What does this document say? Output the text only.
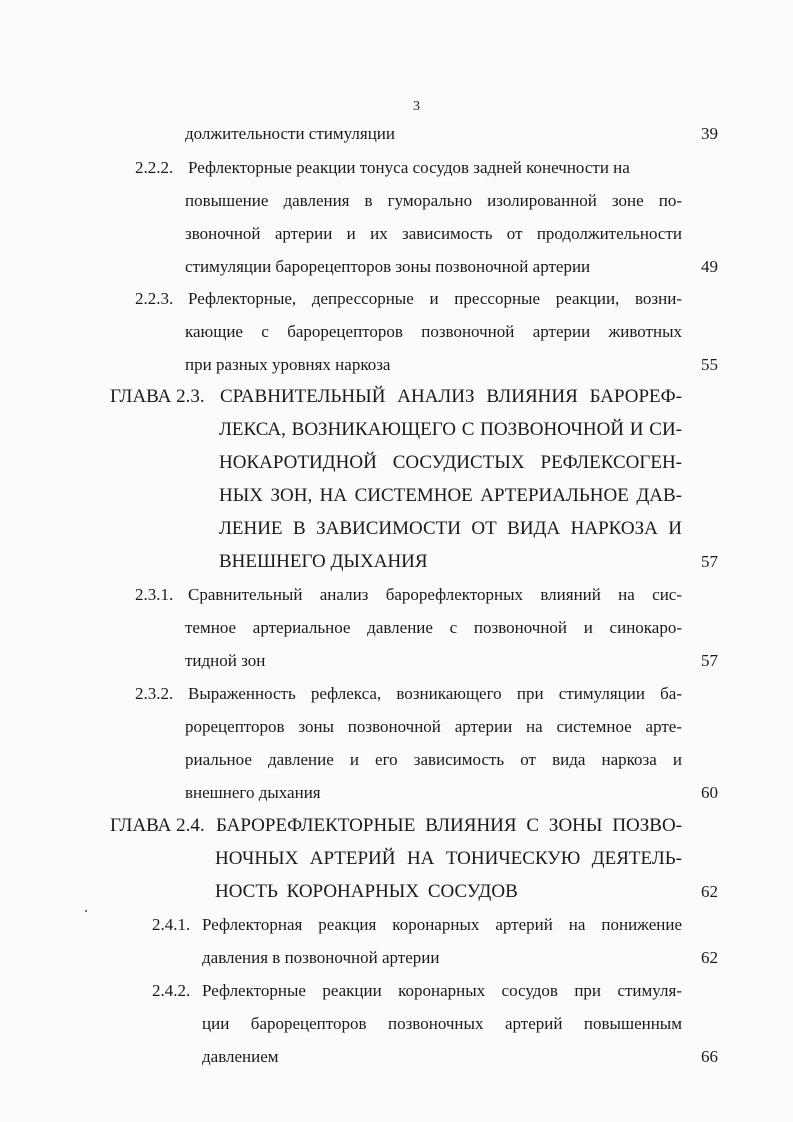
3
должительности стимуляции	39
2.2.2. Рефлекторные реакции тонуса сосудов задней конечности на
повышение давления в гуморально изолированной зоне по-
звоночной артерии и их зависимость от продолжительности
стимуляции барорецепторов зоны позвоночной артерии	49
2.2.3. Рефлекторные, депрессорные и прессорные реакции, возни-
кающие с барорецепторов позвоночной артерии животных
при разных уровнях наркоза	55
ГЛАВА 2.3. СРАВНИТЕЛЬНЫЙ АНАЛИЗ ВЛИЯНИЯ БАРОРЕФ-
ЛЕКСА, ВОЗНИКАЮЩЕГО С ПОЗВОНОЧНОЙ И СИ-
НОКАРОТИДНОЙ СОСУДИСТЫХ РЕФЛЕКСОГЕН-
НЫХ ЗОН, НА СИСТЕМНОЕ АРТЕРИАЛЬНОЕ ДАВ-
ЛЕНИЕ В ЗАВИСИМОСТИ ОТ ВИДА НАРКОЗА И
ВНЕШНЕГО ДЫХАНИЯ	57
2.3.1. Сравнительный анализ барорефлекторных влияний на сис-
темное артериальное давление с позвоночной и синокаро-
тидной зон	57
2.3.2. Выраженность рефлекса, возникающего при стимуляции ба-
рорецепторов зоны позвоночной артерии на системное арте-
риальное давление и его зависимость от вида наркоза и
внешнего дыхания	60
ГЛАВА 2.4. БАРОРЕФЛЕКТОРНЫЕ ВЛИЯНИЯ С ЗОНЫ ПОЗВО-
НОЧНЫХ АРТЕРИЙ НА ТОНИЧЕСКУЮ ДЕЯТЕЛЬ-
НОСТЬ КОРОНАРНЫХ СОСУДОВ	62
2.4.1. Рефлекторная реакция коронарных артерий на понижение
давления в позвоночной артерии	62
2.4.2. Рефлекторные реакции коронарных сосудов при стимуля-
ции барорецепторов позвоночных артерий повышенным
давлением	66
